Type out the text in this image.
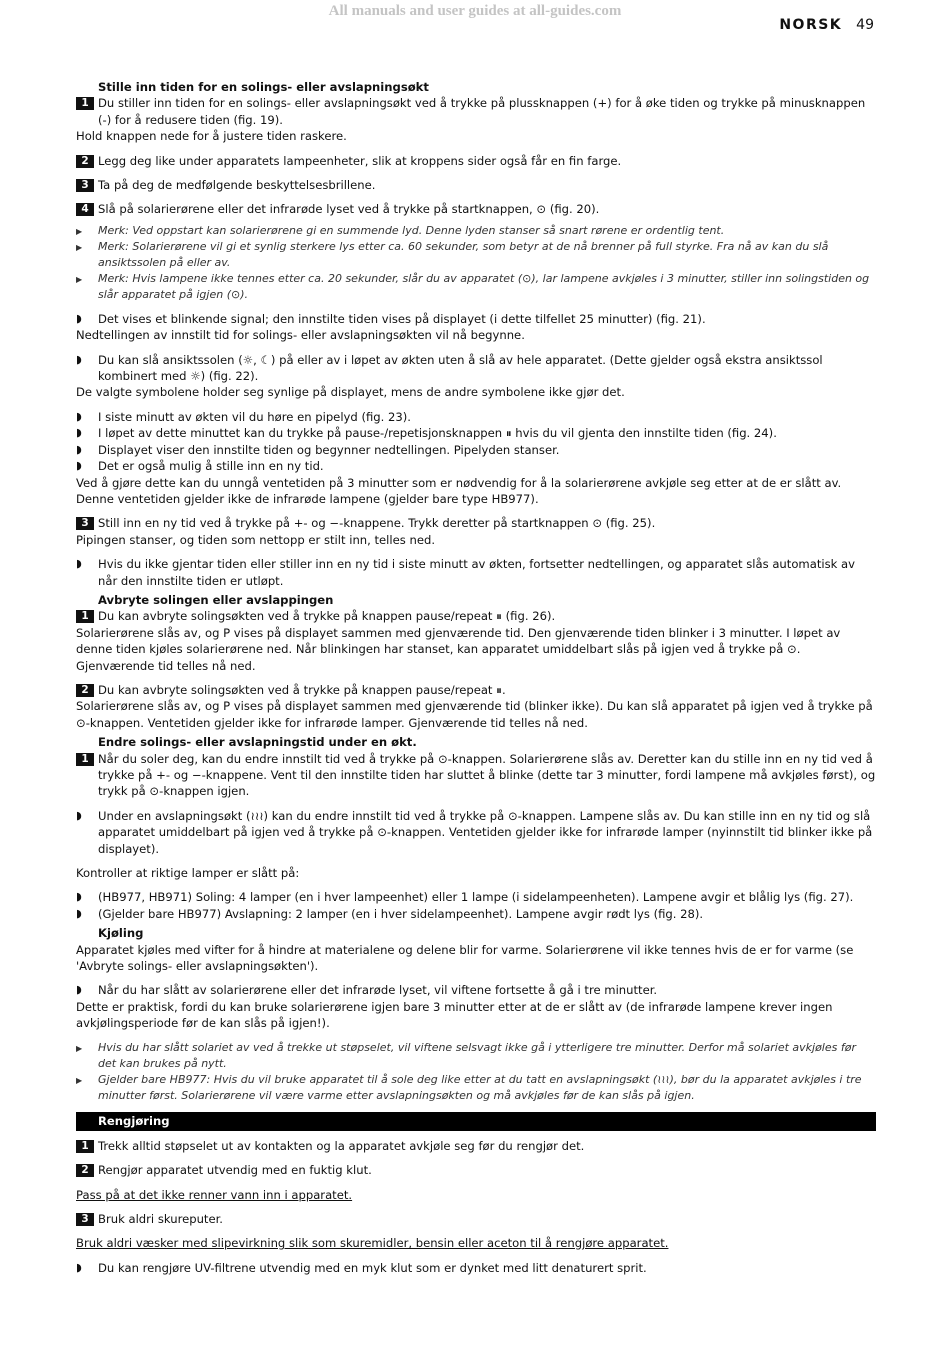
All manuals and user guides at all-guides.com
NORSK 49
Stille inn tiden for en solings- eller avslapningsøkt
1 Du stiller inn tiden for en solings- eller avslapningsøkt ved å trykke på plussknappen (+) for å øke tiden og trykke på minusknappen (-) for å redusere tiden (fig. 19).
Hold knappen nede for å justere tiden raskere.
2 Legg deg like under apparatets lampeenheter, slik at kroppens sider også får en fin farge.
3 Ta på deg de medfølgende beskyttelsesbrillene.
4 Slå på solarierørene eller det infrarøde lyset ved å trykke på startknappen, ⊙ (fig. 20).
▶ Merk: Ved oppstart kan solarierørene gi en summende lyd. Denne lyden stanser så snart rørene er ordentlig tent.
▶ Merk: Solarierørene vil gi et synlig sterkere lys etter ca. 60 sekunder, som betyr at de nå brenner på full styrke. Fra nå av kan du slå ansiktssolen på eller av.
▶ Merk: Hvis lampene ikke tennes etter ca. 20 sekunder, slår du av apparatet (⊙), lar lampene avkjøles i 3 minutter, stiller inn solingstiden og slår apparatet på igjen (⊙).
◗ Det vises et blinkende signal; den innstilte tiden vises på displayet (i dette tilfellet 25 minutter) (fig. 21).
Nedtellingen av innstilt tid for solings- eller avslapningsøkten vil nå begynne.
◗ Du kan slå ansiktssolen (☼, ☾) på eller av i løpet av økten uten å slå av hele apparatet. (Dette gjelder også ekstra ansiktssol kombinert med ☼) (fig. 22).
De valgte symbolene holder seg synlige på displayet, mens de andre symbolene ikke gjør det.
◗ I siste minutt av økten vil du høre en pipelyd (fig. 23).
◗ I løpet av dette minuttet kan du trykke på pause-/repetisjonsknappen ⏸ hvis du vil gjenta den innstilte tiden (fig. 24).
◗ Displayet viser den innstilte tiden og begynner nedtellingen. Pipelyden stanser.
◗ Det er også mulig å stille inn en ny tid.
Ved å gjøre dette kan du unngå ventetiden på 3 minutter som er nødvendig for å la solarierørene avkjøle seg etter at de er slått av.
Denne ventetiden gjelder ikke de infrarøde lampene (gjelder bare type HB977).
3 Still inn en ny tid ved å trykke på +- og −-knappene. Trykk deretter på startknappen ⊙ (fig. 25).
Pipingen stanser, og tiden som nettopp er stilt inn, telles ned.
◗ Hvis du ikke gjentar tiden eller stiller inn en ny tid i siste minutt av økten, fortsetter nedtellingen, og apparatet slås automatisk av når den innstilte tiden er utløpt.
Avbryte solingen eller avslappingen
1 Du kan avbryte solingsøkten ved å trykke på knappen pause/repeat ⏸ (fig. 26).
Solarierørene slås av, og P vises på displayet sammen med gjenværende tid. Den gjenværende tiden blinker i 3 minutter. I løpet av denne tiden kjøles solarierørene ned. Når blinkingen har stanset, kan apparatet umiddelbart slås på igjen ved å trykke på ⊙. Gjenværende tid telles nå ned.
2 Du kan avbryte solingsøkten ved å trykke på knappen pause/repeat ⏸.
Solarierørene slås av, og P vises på displayet sammen med gjenværende tid (blinker ikke). Du kan slå apparatet på igjen ved å trykke på ⊙-knappen. Ventetiden gjelder ikke for infrarøde lamper. Gjenværende tid telles nå ned.
Endre solings- eller avslapningstid under en økt.
1 Når du soler deg, kan du endre innstilt tid ved å trykke på ⊙-knappen. Solarierørene slås av. Deretter kan du stille inn en ny tid ved å trykke på +- og −-knappene. Vent til den innstilte tiden har sluttet å blinke (dette tar 3 minutter, fordi lampene må avkjøles først), og trykk på ⊙-knappen igjen.
◗ Under en avslapningsøkt (≀≀≀) kan du endre innstilt tid ved å trykke på ⊙-knappen. Lampene slås av. Du kan stille inn en ny tid og slå apparatet umiddelbart på igjen ved å trykke på ⊙-knappen. Ventetiden gjelder ikke for infrarøde lamper (nyinnstilt tid blinker ikke på displayet).
Kontroller at riktige lamper er slått på:
◗ (HB977, HB971) Soling: 4 lamper (en i hver lampeenhet) eller 1 lampe (i sidelampeenheten). Lampene avgir et blålig lys (fig. 27).
◗ (Gjelder bare HB977) Avslapning: 2 lamper (en i hver sidelampeenhet). Lampene avgir rødt lys (fig. 28).
Kjøling
Apparatet kjøles med vifter for å hindre at materialene og delene blir for varme. Solarierørene vil ikke tennes hvis de er for varme (se 'Avbryte solings- eller avslapningsøkten').
◗ Når du har slått av solarierørene eller det infrarøde lyset, vil viftene fortsette å gå i tre minutter.
Dette er praktisk, fordi du kan bruke solarierørene igjen bare 3 minutter etter at de er slått av (de infrarøde lampene krever ingen avkjølingsperiode før de kan slås på igjen!).
▶ Hvis du har slått solariet av ved å trekke ut støpselet, vil viftene selsvagt ikke gå i ytterligere tre minutter. Derfor må solariet avkjøles før det kan brukes på nytt.
▶ Gjelder bare HB977: Hvis du vil bruke apparatet til å sole deg like etter at du tatt en avslapningsøkt (≀≀≀), bør du la apparatet avkjøles i tre minutter først. Solarierørene vil være varme etter avslapningsøkten og må avkjøles før de kan slås på igjen.
Rengjøring
1 Trekk alltid støpselet ut av kontakten og la apparatet avkjøle seg før du rengjør det.
2 Rengjør apparatet utvendig med en fuktig klut.
Pass på at det ikke renner vann inn i apparatet.
3 Bruk aldri skureputer.
Bruk aldri væsker med slipevirkning slik som skuremidler, bensin eller aceton til å rengjøre apparatet.
◗ Du kan rengjøre UV-filtrene utvendig med en myk klut som er dynket med litt denaturert sprit.
